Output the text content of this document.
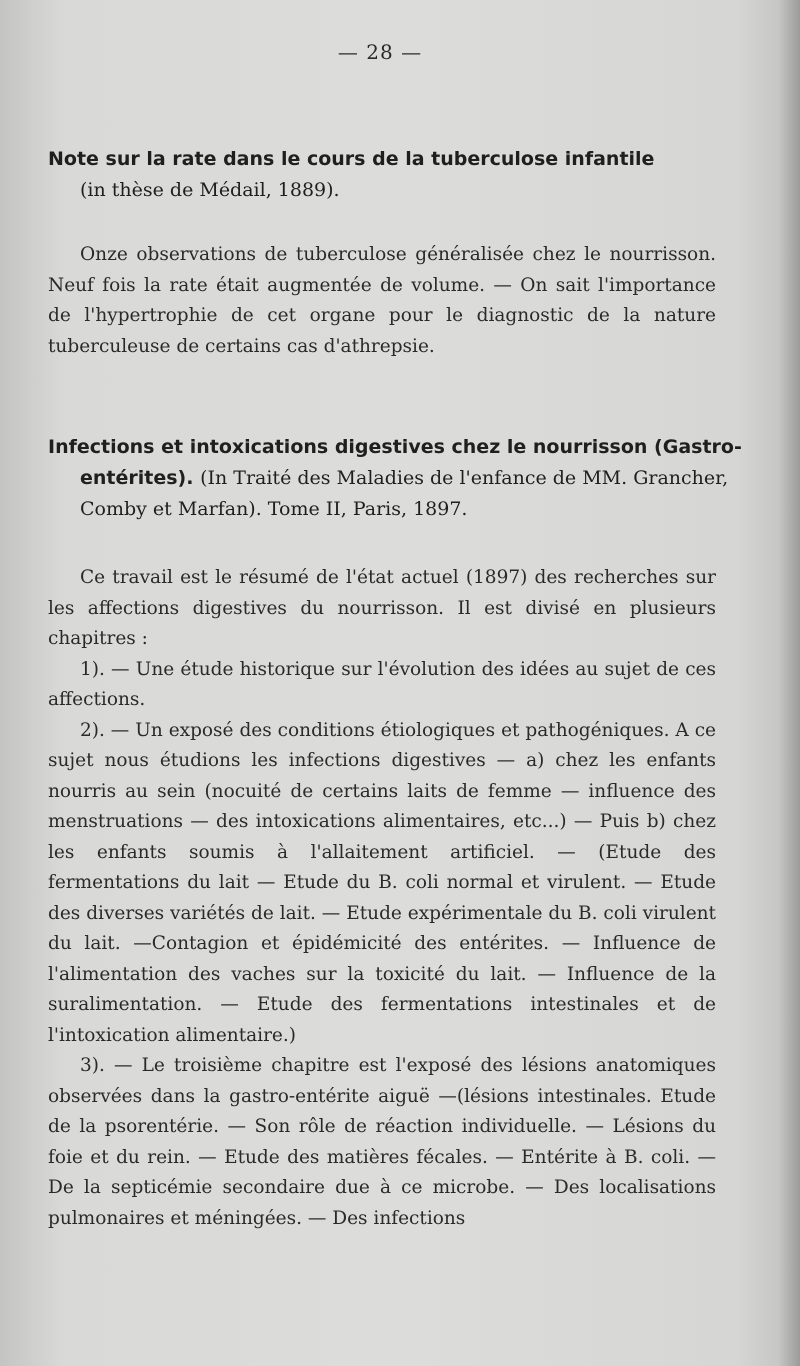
— 28 —
Note sur la rate dans le cours de la tuberculose infantile
(in thèse de Médail, 1889).

Onze observations de tuberculose généralisée chez le nourrisson. Neuf fois la rate était augmentée de volume. — On sait l'importance de l'hypertrophie de cet organe pour le diagnostic de la nature tuberculeuse de certains cas d'athrepsie.

Infections et intoxications digestives chez le nourrisson (Gastro-entérites). (In Traité des Maladies de l'enfance de MM. Grancher, Comby et Marfan). Tome II, Paris, 1897.

Ce travail est le résumé de l'état actuel (1897) des recherches sur les affections digestives du nourrisson. Il est divisé en plusieurs chapitres :

1). — Une étude historique sur l'évolution des idées au sujet de ces affections.

2). — Un exposé des conditions étiologiques et pathogéniques. A ce sujet nous étudions les infections digestives — a) chez les enfants nourris au sein (nocuité de certains laits de femme — influence des menstruations — des intoxications alimentaires, etc...) — Puis b) chez les enfants soumis à l'allaitement artificiel. — (Etude des fermentations du lait — Etude du B. coli normal et virulent. — Etude des diverses variétés de lait. — Etude expérimentale du B. coli virulent du lait. —Contagion et épidémicité des entérites. — Influence de l'alimentation des vaches sur la toxicité du lait. — Influence de la suralimentation. — Etude des fermentations intestinales et de l'intoxication alimentaire.)

3). — Le troisième chapitre est l'exposé des lésions anatomiques observées dans la gastro-entérite aiguë —(lésions intestinales. Etude de la psorentérie. — Son rôle de réaction individuelle. — Lésions du foie et du rein. — Etude des matières fécales. — Entérite à B. coli. — De la septicémie secondaire due à ce microbe. — Des localisations pulmonaires et méningées. — Des infections
